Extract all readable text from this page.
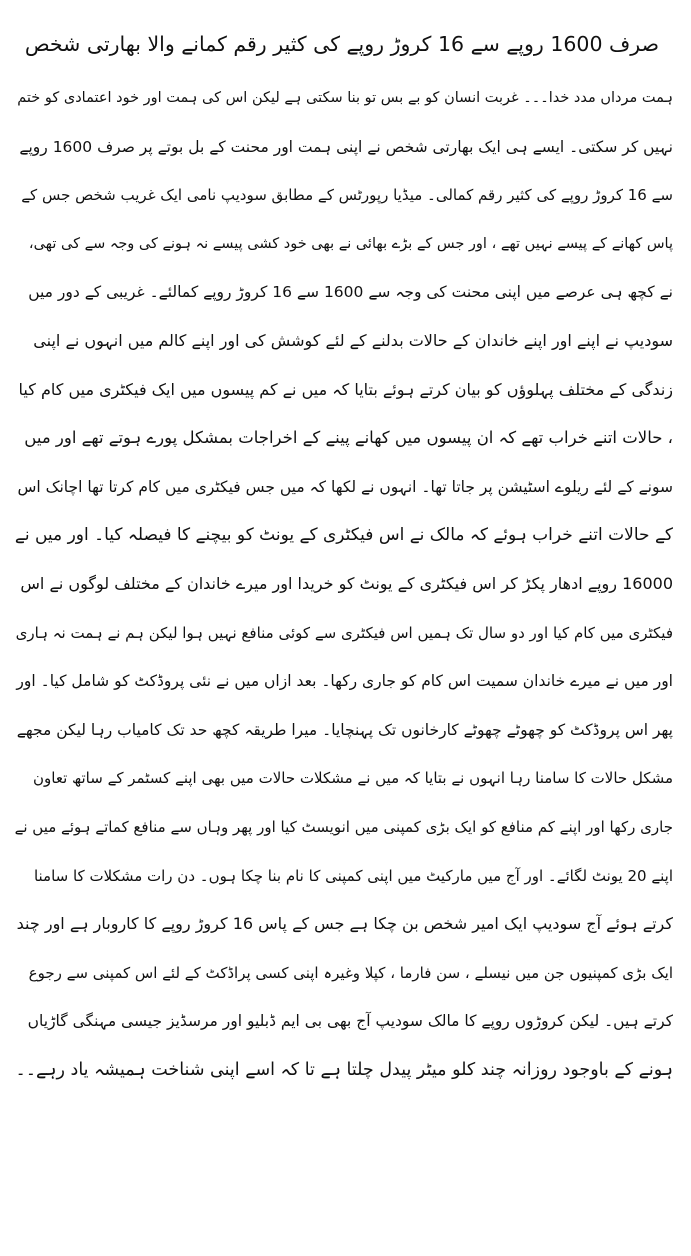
صرف 1600 روپے سے 16 کروڑ روپے کی کثیر رقم کمانے والا بھارتی شخص
ہمت مرداں مدد خدا۔۔۔ غربت انسان کو بے بس تو بنا سکتی ہے لیکن اس کی ہمت اور خود اعتمادی کو ختم
نہیں کر سکتی۔ ایسے ہی ایک بھارتی شخص نے اپنی ہمت اور محنت کے بل بوتے پر صرف 1600 روپے
سے 16 کروڑ روپے کی کثیر رقم کمالی۔ میڈیا رپورٹس کے مطابق سودیپ نامی ایک غریب شخص جس کے
پاس کھانے کے پیسے نہیں تھے ، اور جس کے بڑے بھائی نے بھی خود کشی پیسے نہ ہونے کی وجہ سے کی تھی،
نے کچھ ہی عرصے میں اپنی محنت کی وجہ سے 1600 سے 16 کروڑ روپے کمالئے۔ غریبی کے دور میں
سودیپ نے اپنے اور اپنے خاندان کے حالات بدلنے کے لئے کوشش کی اور اپنے کالم میں انہوں نے اپنی
زندگی کے مختلف پہلوؤں کو بیان کرتے ہوئے بتایا کہ میں نے کم پیسوں میں ایک فیکٹری میں کام کیا
، حالات اتنے خراب تھے کہ ان پیسوں میں کھانے پینے کے اخراجات بمشکل پورے ہوتے تھے اور میں
سونے کے لئے ریلوے اسٹیشن پر جاتا تھا۔ انہوں نے لکھا کہ میں جس فیکٹری میں کام کرتا تھا اچانک اس
کے حالات اتنے خراب ہوئے کہ مالک نے اس فیکٹری کے یونٹ کو بیچنے کا فیصلہ کیا۔ اور میں نے
16000 روپے ادھار پکڑ کر اس فیکٹری کے یونٹ کو خریدا اور میرے خاندان کے مختلف لوگوں نے اس
فیکٹری میں کام کیا اور دو سال تک ہمیں اس فیکٹری سے کوئی منافع نہیں ہوا لیکن ہم نے ہمت نہ ہاری
اور میں نے میرے خاندان سمیت اس کام کو جاری رکھا۔ بعد ازاں میں نے نئی پروڈکٹ کو شامل کیا۔ اور
پھر اس پروڈکٹ کو چھوٹے چھوٹے کارخانوں تک پہنچایا۔ میرا طریقہ کچھ حد تک کامیاب رہا لیکن مجھے
مشکل حالات کا سامنا رہا انہوں نے بتایا کہ میں نے مشکلات حالات میں بھی اپنے کسٹمر کے ساتھ تعاون
جاری رکھا اور اپنے کم منافع کو ایک بڑی کمپنی میں انویسٹ کیا اور پھر وہاں سے منافع کماتے ہوئے میں نے
اپنے 20 یونٹ لگائے۔ اور آج میں مارکیٹ میں اپنی کمپنی کا نام بنا چکا ہوں۔ دن رات مشکلات کا سامنا
کرتے ہوئے آج سودیپ ایک امیر شخص بن چکا ہے جس کے پاس 16 کروڑ روپے کا کاروبار ہے اور چند
ایک بڑی کمپنیوں جن میں نیسلے ، سن فارما ، کپلا وغیرہ اپنی کسی پراڈکٹ کے لئے اس کمپنی سے رجوع
کرتے ہیں۔ لیکن کروڑوں روپے کا مالک سودیپ آج بھی بی ایم ڈبلیو اور مرسڈیز جیسی مہنگی گاڑیاں
ہونے کے باوجود روزانہ چند کلو میٹر پیدل چلتا ہے تا کہ اسے اپنی شناخت ہمیشہ یاد رہے۔۔
